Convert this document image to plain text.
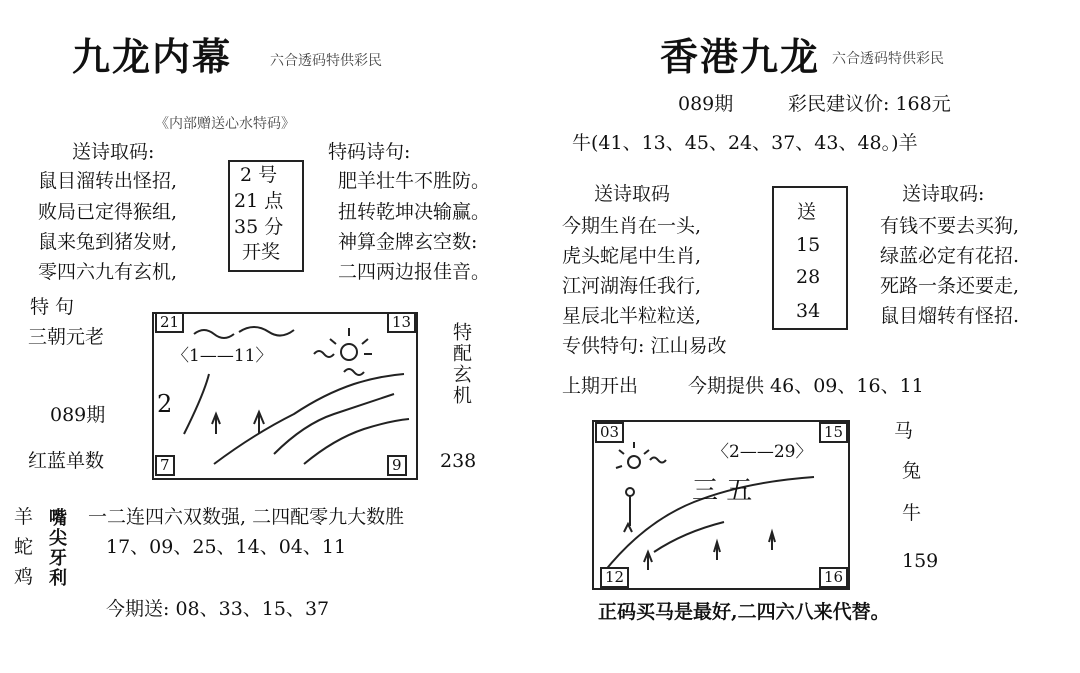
九龙内幕	六合透码特供彩民
《内部赠送心水特码》
送诗取码:
鼠目溜转出怪招,
败局已定得猴组,
鼠来兔到猪发财,
零四六九有玄机,
2 号
21 点
35 分
开奖
特码诗句:
肥羊壮牛不胜防。
扭转乾坤决输赢。
神算金牌玄空数:
二四两边报佳音。
特 句
三朝元老
089期
红蓝单数
21	13
7	9
2
〈1——11〉	特配玄机
238
羊
蛇
鸡 嘴尖牙利 一二连四六双数强, 二四配零九大数胜
17、09、25、14、04、11
今期送: 08、33、15、37
香港九龙 六合透码特供彩民
089期	彩民建议价: 168元
牛(41、13、45、24、37、43、48。)羊
送诗取码	送诗取码:
今期生肖在一头,
虎头蛇尾中生肖,
江河湖海任我行,
星辰北半粒粒送,
送
15
28
34
有钱不要去买狗,
绿蓝必定有花招.
死路一条还要走,
鼠目熘转有怪招.
专供特句: 江山易改
上期开出	今期提供 46、09、16、11
03	15
12	16
〈2——29〉
三 五
马
兔
牛
159
正码买马是最好,二四六八来代替。
